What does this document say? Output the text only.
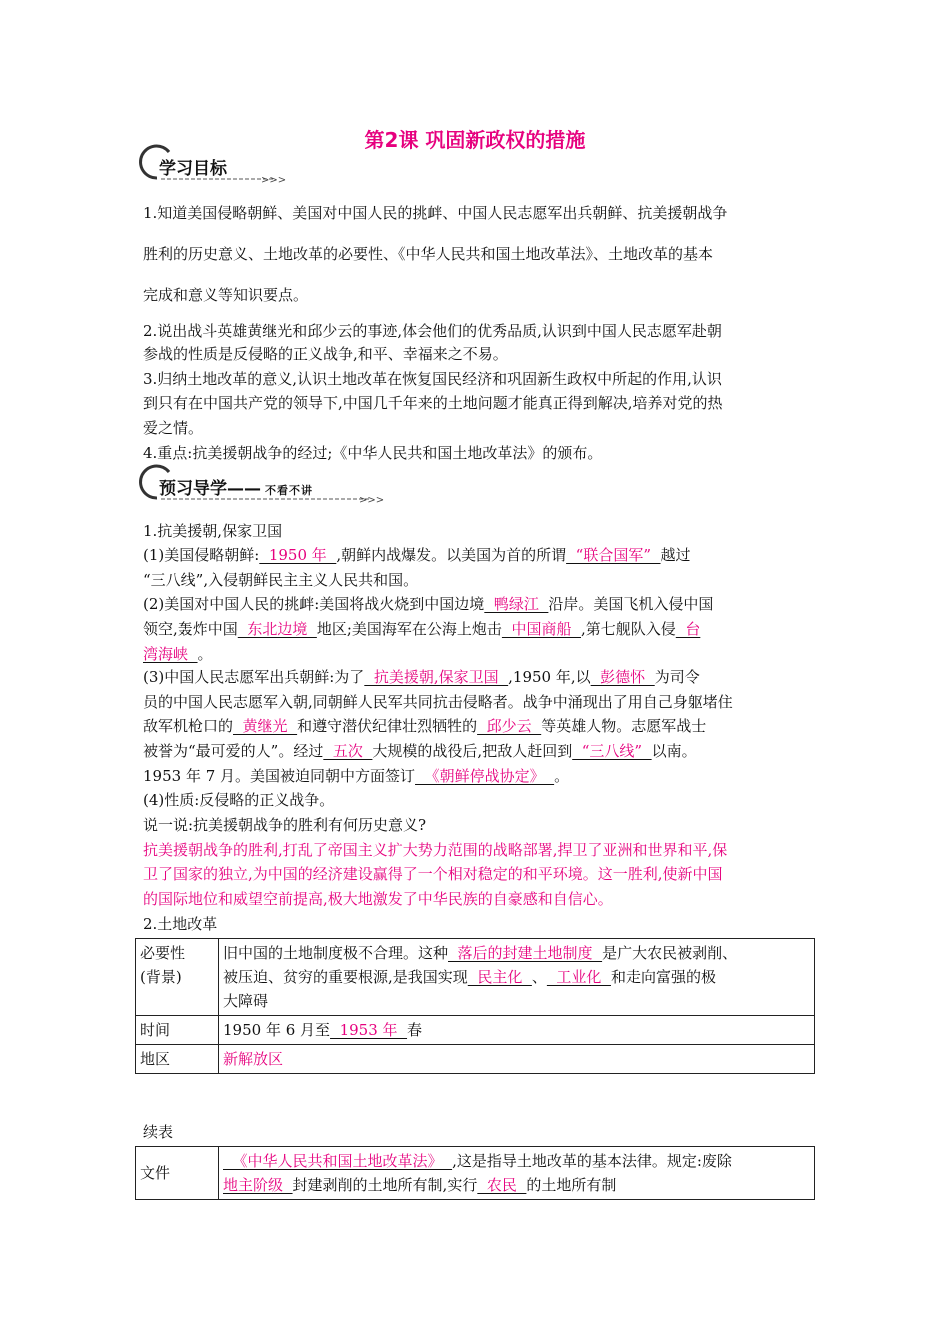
第2课 巩固新政权的措施
>>>
学习目标
1.知道美国侵略朝鲜、美国对中国人民的挑衅、中国人民志愿军出兵朝鲜、抗美援朝战争
胜利的历史意义、土地改革的必要性、《中华人民共和国土地改革法》、土地改革的基本
完成和意义等知识要点。
2.说出战斗英雄黄继光和邱少云的事迹,体会他们的优秀品质,认识到中国人民志愿军赴朝
参战的性质是反侵略的正义战争,和平、幸福来之不易。
3.归纳土地改革的意义,认识土地改革在恢复国民经济和巩固新生政权中所起的作用,认识
到只有在中国共产党的领导下,中国几千年来的土地问题才能真正得到解决,培养对党的热
爱之情。
4.重点:抗美援朝战争的经过;《中华人民共和国土地改革法》的颁布。
>>>
预习导学—— 不看不讲
1.抗美援朝,保家卫国
(1)美国侵略朝鲜:  1950 年  ,朝鲜内战爆发。以美国为首的所谓  “联合国军”  越过
“三八线”,入侵朝鲜民主主义人民共和国。
(2)美国对中国人民的挑衅:美国将战火烧到中国边境  鸭绿江  沿岸。美国飞机入侵中国
领空,轰炸中国  东北边境  地区;美国海军在公海上炮击  中国商船  ,第七舰队入侵  台
湾海峡  。
(3)中国人民志愿军出兵朝鲜:为了  抗美援朝,保家卫国  ,1950 年,以  彭德怀  为司令
员的中国人民志愿军入朝,同朝鲜人民军共同抗击侵略者。战争中涌现出了用自己身躯堵住
敌军机枪口的  黄继光  和遵守潜伏纪律壮烈牺牲的  邱少云  等英雄人物。志愿军战士
被誉为“最可爱的人”。经过  五次  大规模的战役后,把敌人赶回到  “三八线”  以南。
1953 年 7 月。美国被迫同朝中方面签订  《朝鲜停战协定》  。
(4)性质:反侵略的正义战争。
说一说:抗美援朝战争的胜利有何历史意义?
抗美援朝战争的胜利,打乱了帝国主义扩大势力范围的战略部署,捍卫了亚洲和世界和平,保
卫了国家的独立,为中国的经济建设赢得了一个相对稳定的和平环境。这一胜利,使新中国
的国际地位和威望空前提高,极大地激发了中华民族的自豪感和自信心。
2.土地改革
必要性
(背景)	旧中国的土地制度极不合理。这种  落后的封建土地制度  是广大农民被剥削、
被压迫、贫穷的重要根源,是我国实现  民主化  、  工业化  和走向富强的极
大障碍
时间	1950 年 6 月至  1953 年  春
地区	新解放区
续表
文件	《中华人民共和国土地改革法》  ,这是指导土地改革的基本法律。规定:废除
地主阶级  封建剥削的土地所有制,实行  农民  的土地所有制
